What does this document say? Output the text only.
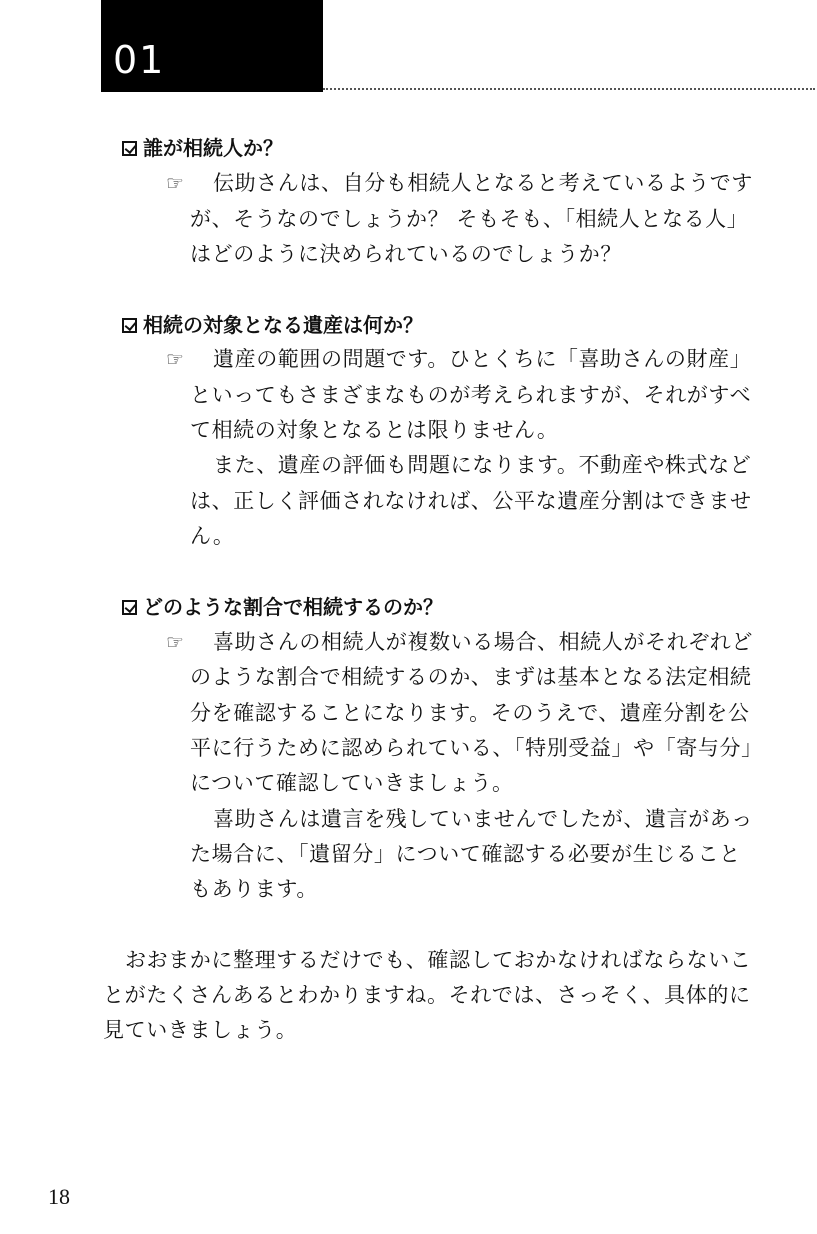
01
誰が相続人か？
☞ 伝助さんは、自分も相続人となると考えているようです
が、そうなのでしょうか？ そもそも、「相続人となる人」
はどのように決められているのでしょうか？
相続の対象となる遺産は何か？
☞ 遺産の範囲の問題です。ひとくちに「喜助さんの財産」
といってもさまざまなものが考えられますが、それがすべ
て相続の対象となるとは限りません。
また、遺産の評価も問題になります。不動産や株式など
は、正しく評価されなければ、公平な遺産分割はできませ
ん。
どのような割合で相続するのか？
☞ 喜助さんの相続人が複数いる場合、相続人がそれぞれど
のような割合で相続するのか、まずは基本となる法定相続
分を確認することになります。そのうえで、遺産分割を公
平に行うために認められている、「特別受益」や「寄与分」
について確認していきましょう。
喜助さんは遺言を残していませんでしたが、遺言があっ
た場合に、「遺留分」について確認する必要が生じること
もあります。
おおまかに整理するだけでも、確認しておかなければならないこ
とがたくさんあるとわかりますね。それでは、さっそく、具体的に
見ていきましょう。
18
